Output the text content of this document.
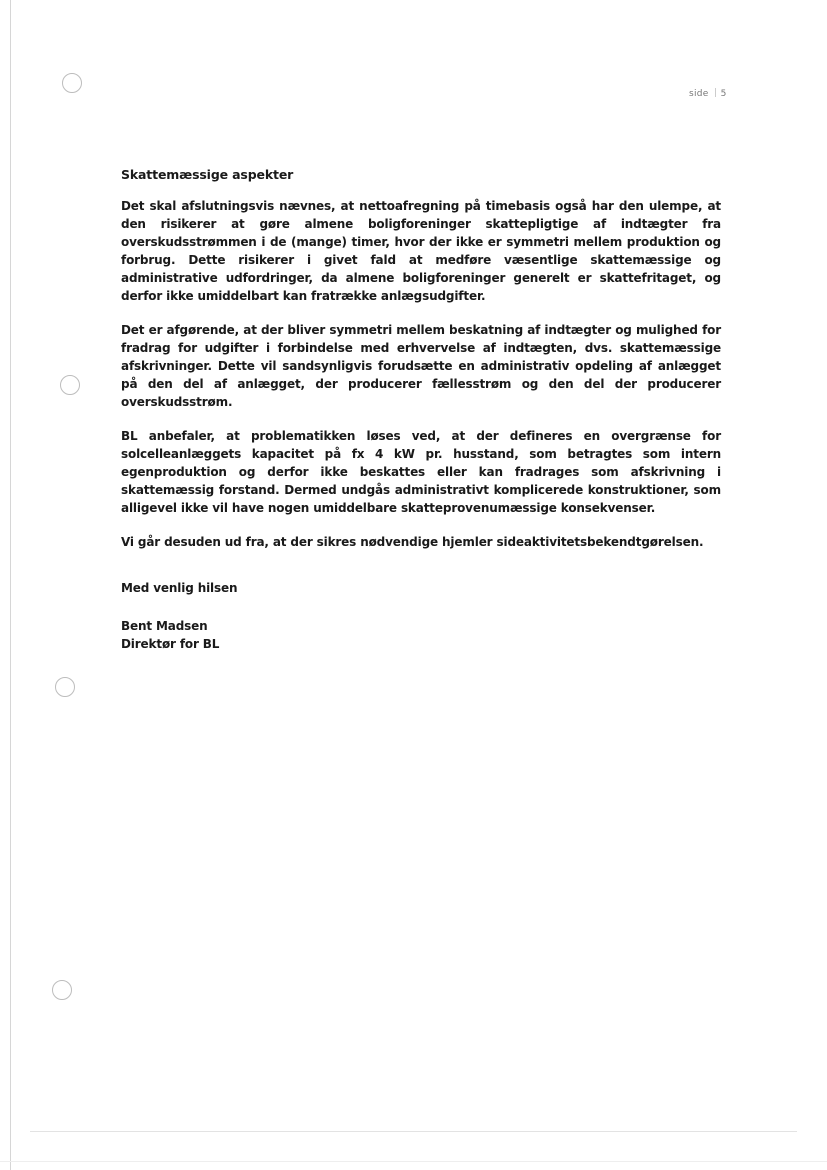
side 5
Skattemæssige aspekter

Det skal afslutningsvis nævnes, at nettoafregning på timebasis også har den ulempe, at den risikerer at gøre almene boligforeninger skattepligtige af indtægter fra overskudsstrømmen i de (mange) timer, hvor der ikke er symmetri mellem produktion og forbrug. Dette risikerer i givet fald at medføre væsentlige skattemæssige og administrative udfordringer, da almene boligforeninger generelt er skattefritaget, og derfor ikke umiddelbart kan fratrække anlægsudgifter.

Det er afgørende, at der bliver symmetri mellem beskatning af indtægter og mulighed for fradrag for udgifter i forbindelse med erhvervelse af indtægten, dvs. skattemæssige afskrivninger. Dette vil sandsynligvis forudsætte en administrativ opdeling af anlægget på den del af anlægget, der producerer fællesstrøm og den del der producerer overskudsstrøm.

BL anbefaler, at problematikken løses ved, at der defineres en overgrænse for solcelleanlæggets kapacitet på fx 4 kW pr. husstand, som betragtes som intern egenproduktion og derfor ikke beskattes eller kan fradrages som afskrivning i skattemæssig forstand. Dermed undgås administrativt komplicerede konstruktioner, som alligevel ikke vil have nogen umiddelbare skatteprovenumæssige konsekvenser.

Vi går desuden ud fra, at der sikres nødvendige hjemler sideaktivitetsbekendtgørelsen.

Med venlig hilsen

Bent Madsen

Direktør for BL
